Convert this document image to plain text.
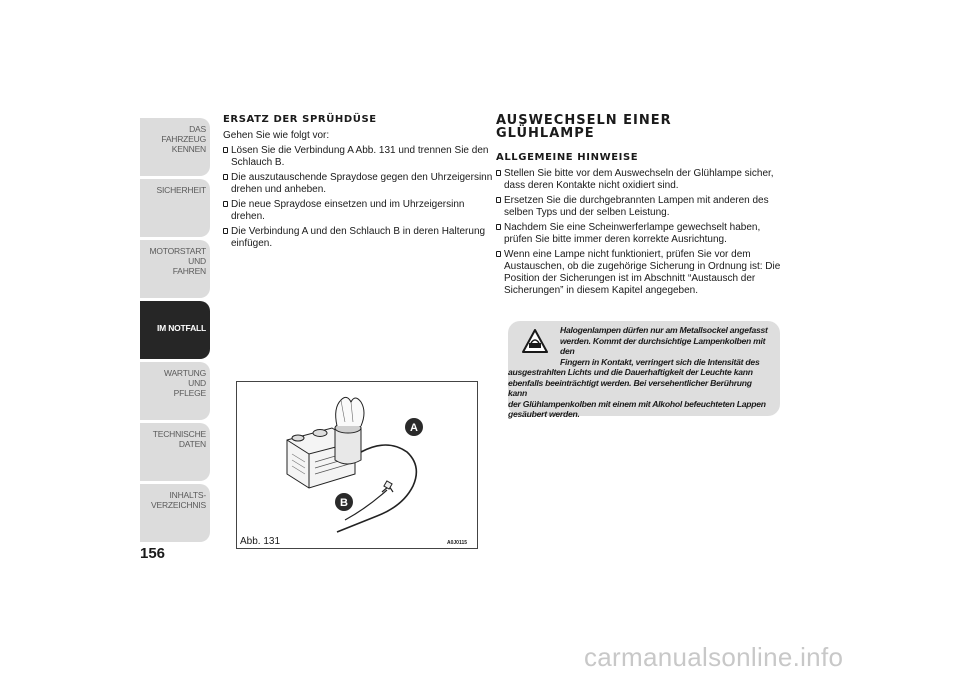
DAS FAHRZEUG
KENNEN
SICHERHEIT
MOTORSTART UND
FAHREN
IM NOTFALL
WARTUNG UND
PFLEGE
TECHNISCHE DATEN
INHALTS-
VERZEICHNIS
156
ERSATZ DER SPRÜHDÜSE

Gehen Sie wie folgt vor:

Lösen Sie die Verbindung A Abb. 131 und trennen Sie den Schlauch B.
Die auszutauschende Spraydose gegen den Uhrzeigersinn drehen und anheben.
Die neue Spraydose einsetzen und im Uhrzeigersinn drehen.
Die Verbindung A und den Schlauch B in deren Halterung einfügen.
A
B
Abb. 131	A0J0115
AUSWECHSELN EINER GLÜHLAMPE
ALLGEMEINE HINWEISE
Stellen Sie bitte vor dem Auswechseln der Glühlampe sicher, dass deren Kontakte nicht oxidiert sind.
Ersetzen Sie die durchgebrannten Lampen mit anderen des selben Typs und der selben Leistung.
Nachdem Sie eine Scheinwerferlampe gewechselt haben, prüfen Sie bitte immer deren korrekte Ausrichtung.
Wenn eine Lampe nicht funktioniert, prüfen Sie vor dem Austauschen, ob die zugehörige Sicherung in Ordnung ist: Die Position der Sicherungen ist im Abschnitt “Austausch der Sicherungen” in diesem Kapitel angegeben.
Halogenlampen dürfen nur am Metallsockel angefasst
werden. Kommt der durchsichtige Lampenkolben mit den
Fingern in Kontakt, verringert sich die Intensität des
ausgestrahlten Lichts und die Dauerhaftigkeit der Leuchte kann
ebenfalls beeinträchtigt werden. Bei versehentlicher Berührung kann
der Glühlampenkolben mit einem mit Alkohol befeuchteten Lappen
gesäubert werden.
carmanualsonline.info
